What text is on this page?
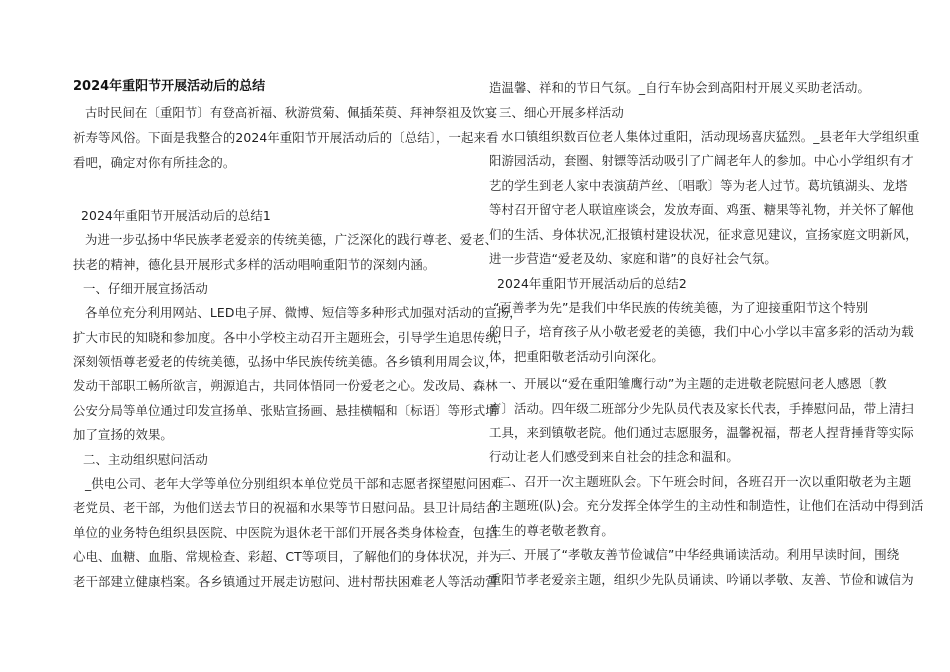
2024年重阳节开展活动后的总结
古时民间在〔重阳节〕有登高祈福、秋游赏菊、佩插茱萸、拜神祭祖及饮宴
祈寿等风俗。下面是我整合的2024年重阳节开展活动后的〔总结〕，一起来看
看吧，确定对你有所挂念的。
2024年重阳节开展活动后的总结1
为进一步弘扬中华民族孝老爱亲的传统美德，广泛深化的践行尊老、爱老、
扶老的精神，德化县开展形式多样的活动唱响重阳节的深刻内涵。
一、仔细开展宣扬活动
各单位充分利用网站、LED电子屏、微博、短信等多种形式加强对活动的宣扬，
扩大市民的知晓和参加度。各中小学校主动召开主题班会，引导学生追思传统，
深刻领悟尊老爱老的传统美德，弘扬中华民族传统美德。各乡镇利用周会议，
发动干部职工畅所欲言，朔源追古，共同体悟同一份爱老之心。发改局、森林
公安分局等单位通过印发宣扬单、张贴宣扬画、悬挂横幅和〔标语〕等形式增
加了宣扬的效果。
二、主动组织慰问活动
_供电公司、老年大学等单位分别组织本单位党员干部和志愿者探望慰问困难
老党员、老干部，为他们送去节日的祝福和水果等节日慰问品。县卫计局结合
单位的业务特色组织县医院、中医院为退休老干部们开展各类身体检查，包括
心电、血糖、血脂、常规检查、彩超、CT等项目，了解他们的身体状况，并为
老干部建立健康档案。各乡镇通过开展走访慰问、进村帮扶困难老人等活动营
造温馨、祥和的节日气氛。_自行车协会到高阳村开展义买助老活动。
三、细心开展多样活动
水口镇组织数百位老人集体过重阳，活动现场喜庆猛烈。_县老年大学组织重
阳游园活动，套圈、射镖等活动吸引了广阔老年人的参加。中心小学组织有才
艺的学生到老人家中表演葫芦丝、〔唱歌〕等为老人过节。葛坑镇湖头、龙塔
等村召开留守老人联谊座谈会，发放寿面、鸡蛋、糖果等礼物，并关怀了解他
们的生活、身体状况,汇报镇村建设状况，征求意见建议，宣扬家庭文明新风，
进一步营造“爱老及幼、家庭和谐”的良好社会气氛。
2024年重阳节开展活动后的总结2
“百善孝为先”是我们中华民族的传统美德，为了迎接重阳节这个特别
的日子，培育孩子从小敬老爱老的美德，我们中心小学以丰富多彩的活动为载
体，把重阳敬老活动引向深化。
一、开展以“爱在重阳雏鹰行动”为主题的走进敬老院慰问老人感恩〔教
育〕活动。四年级二班部分少先队员代表及家长代表，手捧慰问品，带上清扫
工具，来到镇敬老院。他们通过志愿服务，温馨祝福，帮老人捏背捶背等实际
行动让老人们感受到来自社会的挂念和温和。
二、召开一次主题班队会。下午班会时间，各班召开一次以重阳敬老为主题
的主题班(队)会。充分发挥全体学生的主动性和制造性，让他们在活动中得到活
生生的尊老敬老教育。
三、开展了“孝敬友善节俭诚信”中华经典诵读活动。利用早读时间，围绕
重阳节孝老爱亲主题，组织少先队员诵读、吟诵以孝敬、友善、节俭和诚信为
